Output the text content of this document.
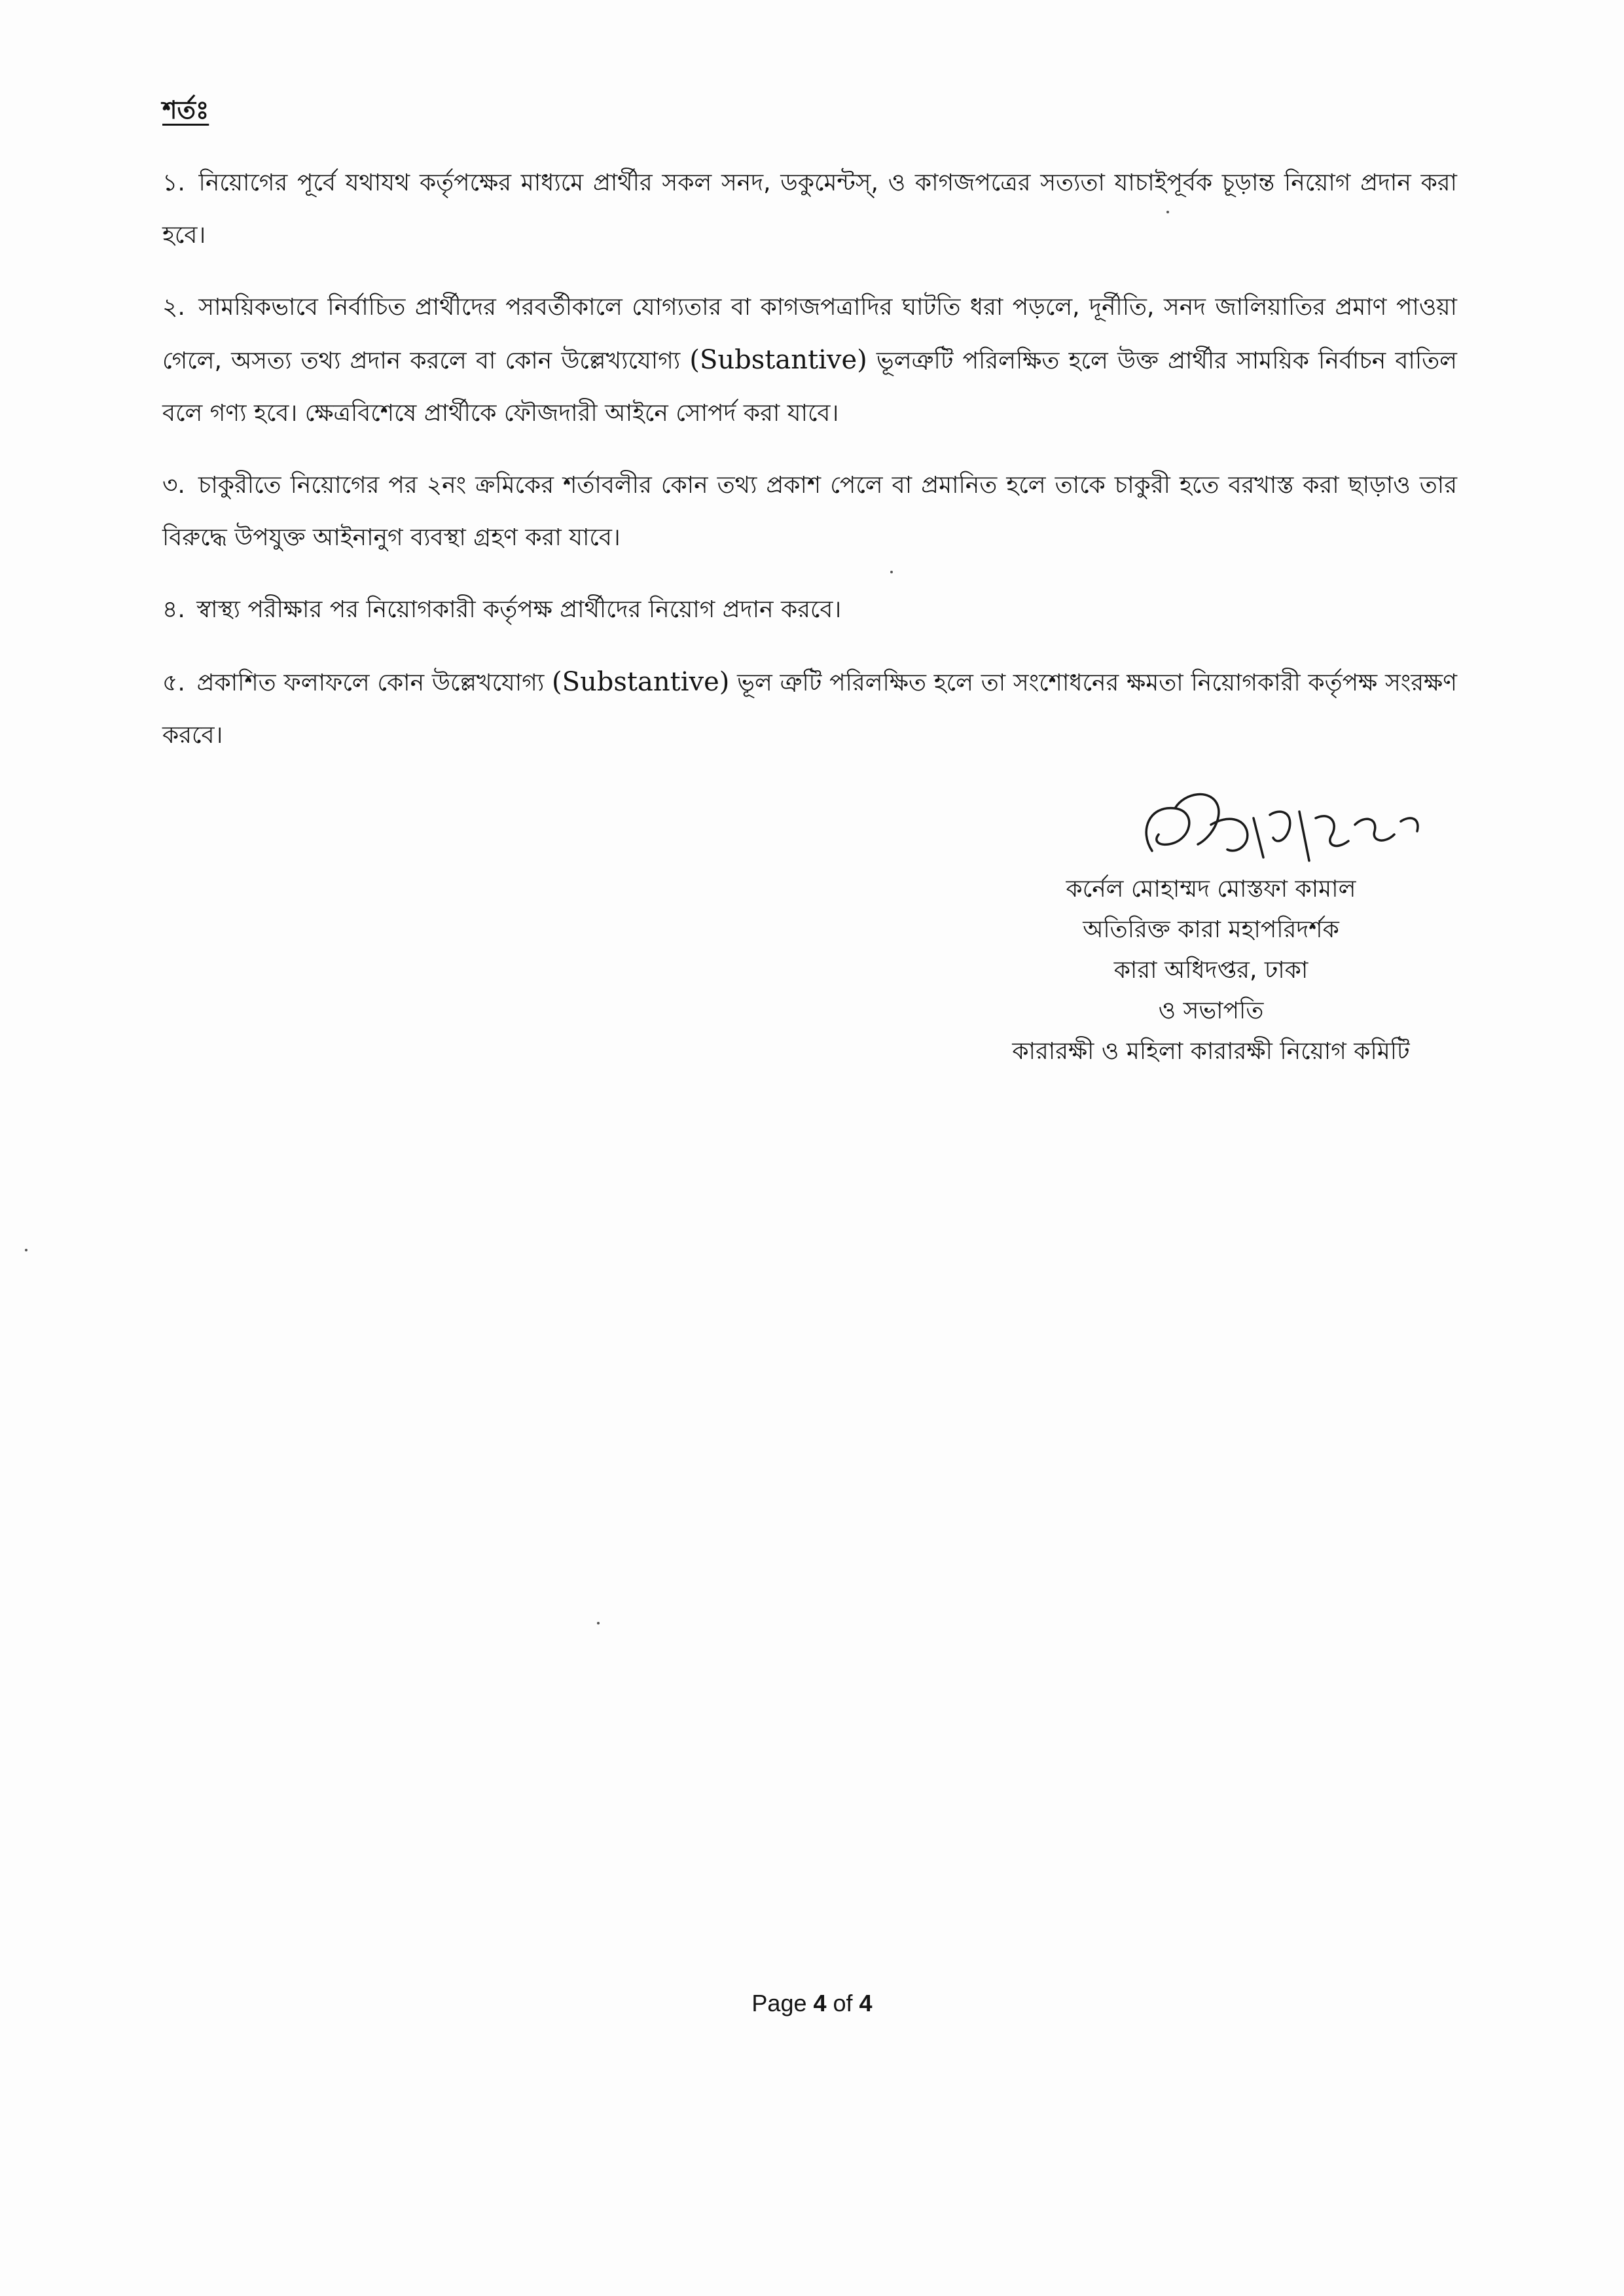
শর্তঃ

১. নিয়োগের পূর্বে যথাযথ কর্তৃপক্ষের মাধ্যমে প্রার্থীর সকল সনদ, ডকুমেন্টস্, ও কাগজপত্রের সত্যতা যাচাইপূর্বক চূড়ান্ত নিয়োগ প্রদান করা হবে।

২. সাময়িকভাবে নির্বাচিত প্রার্থীদের পরবর্তীকালে যোগ্যতার বা কাগজপত্রাদির ঘাটতি ধরা পড়লে, দূর্নীতি, সনদ জালিয়াতির প্রমাণ পাওয়া গেলে, অসত্য তথ্য প্রদান করলে বা কোন উল্লেখ্যযোগ্য (Substantive) ভূলত্রুটি পরিলক্ষিত হলে উক্ত প্রার্থীর সাময়িক নির্বাচন বাতিল বলে গণ্য হবে। ক্ষেত্রবিশেষে প্রার্থীকে ফৌজদারী আইনে সোপর্দ করা যাবে।

৩. চাকুরীতে নিয়োগের পর ২নং ক্রমিকের শর্তাবলীর কোন তথ্য প্রকাশ পেলে বা প্রমানিত হলে তাকে চাকুরী হতে বরখাস্ত করা ছাড়াও তার বিরুদ্ধে উপযুক্ত আইনানুগ ব্যবস্থা গ্রহণ করা যাবে।

৪. স্বাস্থ্য পরীক্ষার পর নিয়োগকারী কর্তৃপক্ষ প্রার্থীদের নিয়োগ প্রদান করবে।

৫. প্রকাশিত ফলাফলে কোন উল্লেখযোগ্য (Substantive) ভূল ত্রুটি পরিলক্ষিত হলে তা সংশোধনের ক্ষমতা নিয়োগকারী কর্তৃপক্ষ সংরক্ষণ করবে।

কর্নেল মোহাম্মদ মোস্তফা কামাল
অতিরিক্ত কারা মহাপরিদর্শক
কারা অধিদপ্তর, ঢাকা
ও সভাপতি
কারারক্ষী ও মহিলা কারারক্ষী নিয়োগ কমিটি
Page 4 of 4
